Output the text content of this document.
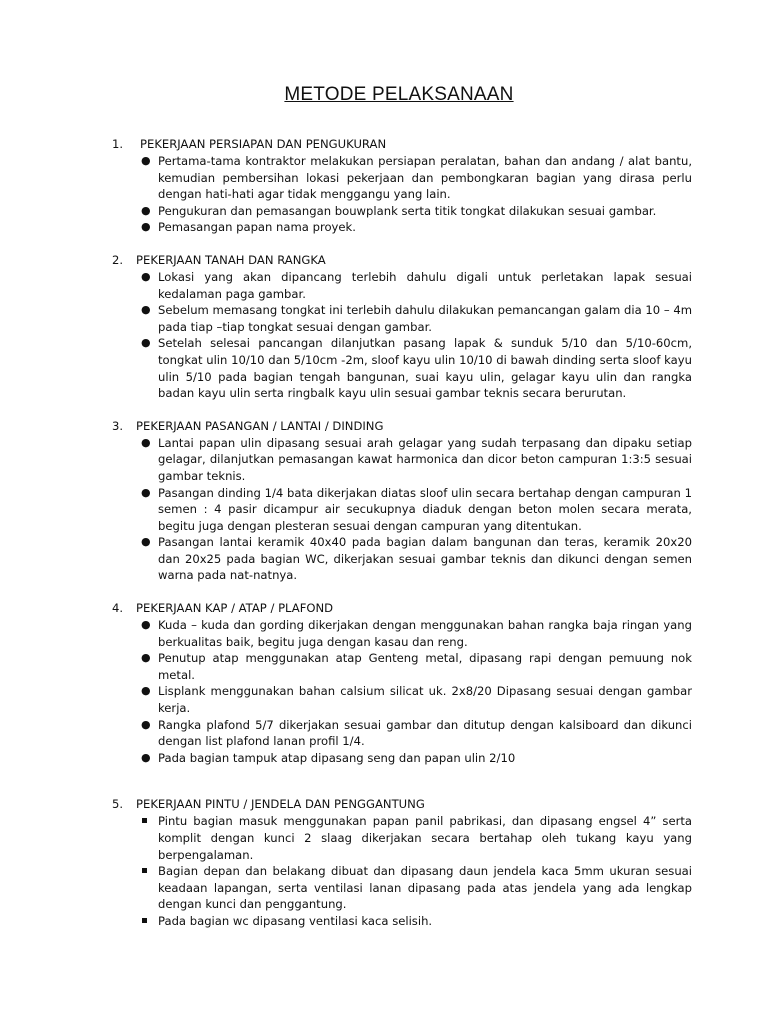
METODE PELAKSANAAN
1. PEKERJAAN PERSIAPAN DAN PENGUKURAN
● Pertama-tama kontraktor melakukan persiapan peralatan, bahan dan andang / alat bantu, kemudian pembersihan lokasi pekerjaan dan pembongkaran bagian yang dirasa perlu dengan hati-hati agar tidak menggangu yang lain.
● Pengukuran dan pemasangan bouwplank serta titik tongkat dilakukan sesuai gambar.
● Pemasangan papan nama proyek.
2. PEKERJAAN TANAH DAN RANGKA
● Lokasi yang akan dipancang terlebih dahulu digali untuk perletakan lapak sesuai kedalaman paga gambar.
● Sebelum memasang tongkat ini terlebih dahulu dilakukan pemancangan galam dia 10 – 4m pada tiap –tiap tongkat sesuai dengan gambar.
● Setelah selesai pancangan dilanjutkan pasang lapak & sunduk 5/10 dan 5/10-60cm, tongkat ulin 10/10 dan 5/10cm -2m, sloof kayu ulin 10/10 di bawah dinding serta sloof kayu ulin 5/10 pada bagian tengah bangunan, suai kayu ulin, gelagar kayu ulin dan rangka badan kayu ulin serta ringbalk kayu ulin sesuai gambar teknis secara berurutan.
3. PEKERJAAN PASANGAN / LANTAI / DINDING
● Lantai papan ulin dipasang sesuai arah gelagar yang sudah terpasang dan dipaku setiap gelagar, dilanjutkan pemasangan kawat harmonica dan dicor beton campuran 1:3:5 sesuai gambar teknis.
● Pasangan dinding 1/4 bata dikerjakan diatas sloof ulin secara bertahap dengan campuran 1 semen : 4 pasir dicampur air secukupnya diaduk dengan beton molen secara merata, begitu juga dengan plesteran sesuai dengan campuran yang ditentukan.
● Pasangan lantai keramik 40x40 pada bagian dalam bangunan dan teras, keramik 20x20 dan 20x25 pada bagian WC, dikerjakan sesuai gambar teknis dan dikunci dengan semen warna pada nat-natnya.
4. PEKERJAAN KAP / ATAP / PLAFOND
● Kuda – kuda dan gording dikerjakan dengan menggunakan bahan rangka baja ringan yang berkualitas baik, begitu juga dengan kasau dan reng.
● Penutup atap menggunakan atap Genteng metal, dipasang rapi dengan pemuung nok metal.
● Lisplank menggunakan bahan calsium silicat uk. 2x8/20 Dipasang sesuai dengan gambar kerja.
● Rangka plafond 5/7 dikerjakan sesuai gambar dan ditutup dengan kalsiboard dan dikunci dengan list plafond lanan profil 1/4.
● Pada bagian tampuk atap dipasang seng dan papan ulin 2/10
5. PEKERJAAN PINTU / JENDELA DAN PENGGANTUNG
Pintu bagian masuk menggunakan papan panil pabrikasi, dan dipasang engsel 4” serta komplit dengan kunci 2 slaag dikerjakan secara bertahap oleh tukang kayu yang berpengalaman.
Bagian depan dan belakang dibuat dan dipasang daun jendela kaca 5mm ukuran sesuai keadaan lapangan, serta ventilasi lanan dipasang pada atas jendela yang ada lengkap dengan kunci dan penggantung.
Pada bagian wc dipasang ventilasi kaca selisih.
